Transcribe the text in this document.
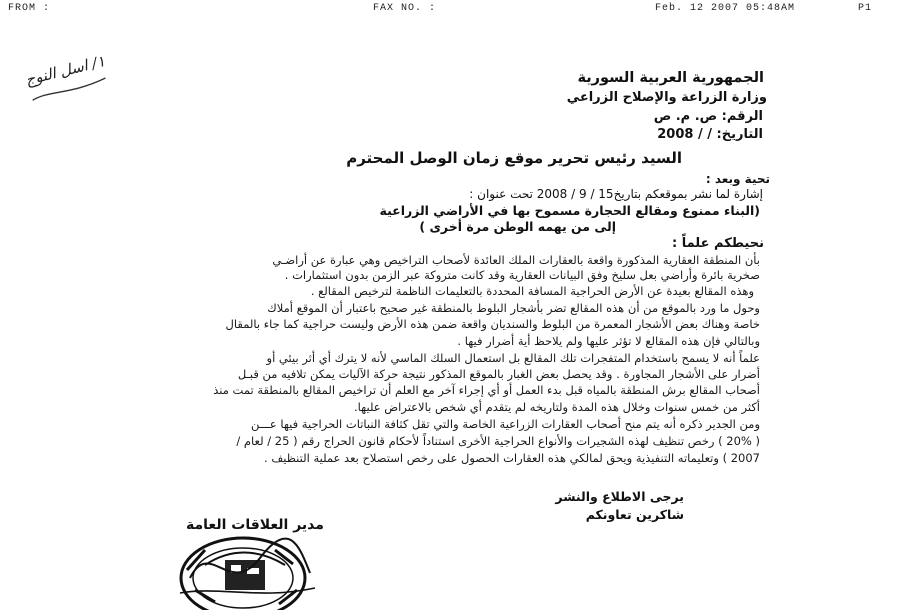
FROM :	FAX NO. :	Feb. 12 2007 05:48AM	P1
١/ اسل النوج
الجمهورية العربية السورية
وزارة الزراعة والإصلاح الزراعي
الرقم: ص. م. ص
التاريخ: / / 2008
السيد رئيس تحرير موقع زمان الوصل المحترم
تحية وبعد :
إشارة لما نشر بموقعكم بتاريخ15 / 9 / 2008 تحت عنوان :
(البناء ممنوع ومقالع الحجارة مسموح بها في الأراضي الزراعية
إلى من يهمه الوطن مرة أخرى )
نحيطكم علماً :
بأن المنطقة العقارية المذكورة واقعة بالعقارات الملك العائدة لأصحاب التراخيص وهي عبارة عن أراضـي
صخرية بائرة وأراضي بعل سليخ وفق البيانات العقارية وقد كانت متروكة عبر الزمن بدون استثمارات .
وهذه المقالع بعيدة عن الأرض الحراجية المسافة المحددة بالتعليمات الناظمة لترخيص المقالع .
وحول ما ورد بالموقع من أن هذه المقالع تضر بأشجار البلوط بالمنطقة غير صحيح باعتبار أن الموقع أملاك
خاصة وهناك بعض الأشجار المعمرة من البلوط والسنديان واقعة ضمن هذه الأرض وليست حراجية كما جاء بالمقال
وبالتالي فإن هذه المقالع لا تؤثر عليها ولم يلاحظ أية أضرار فيها .
علماً أنه لا يسمح باستخدام المتفجرات تلك المقالع بل استعمال السلك الماسي لأنه لا يترك أي أثر بيئي أو
أضرار على الأشجار المجاورة . وقد يحصل بعض الغبار بالموقع المذكور نتيجة حركة الآليات يمكن تلافيه من قبـل
أصحاب المقالع برش المنطقة بالمياه قبل بدء العمل أو أي إجراء آخر مع العلم أن تراخيص المقالع بالمنطقة تمت منذ
أكثر من خمس سنوات وخلال هذه المدة ولتاريخه لم يتقدم أي شخص بالاعتراض عليها.
ومن الجدير ذكره أنه يتم منح أصحاب العقارات الزراعية الخاصة والتي تقل كثافة النباتات الحراجية فيها عـــن
( 20% ) رخص تنظيف لهذه الشجيرات والأنواع الحراجية الأخرى استناداً لأحكام قانون الحراج رقم ( 25 / لعام /
2007 ) وتعليماته التنفيذية ويحق لمالكي هذه العقارات الحصول على رخص استصلاح بعد عملية التنظيف .
يرجى الاطلاع والنشر
شاكرين تعاونكم
مدير العلاقات العامة
